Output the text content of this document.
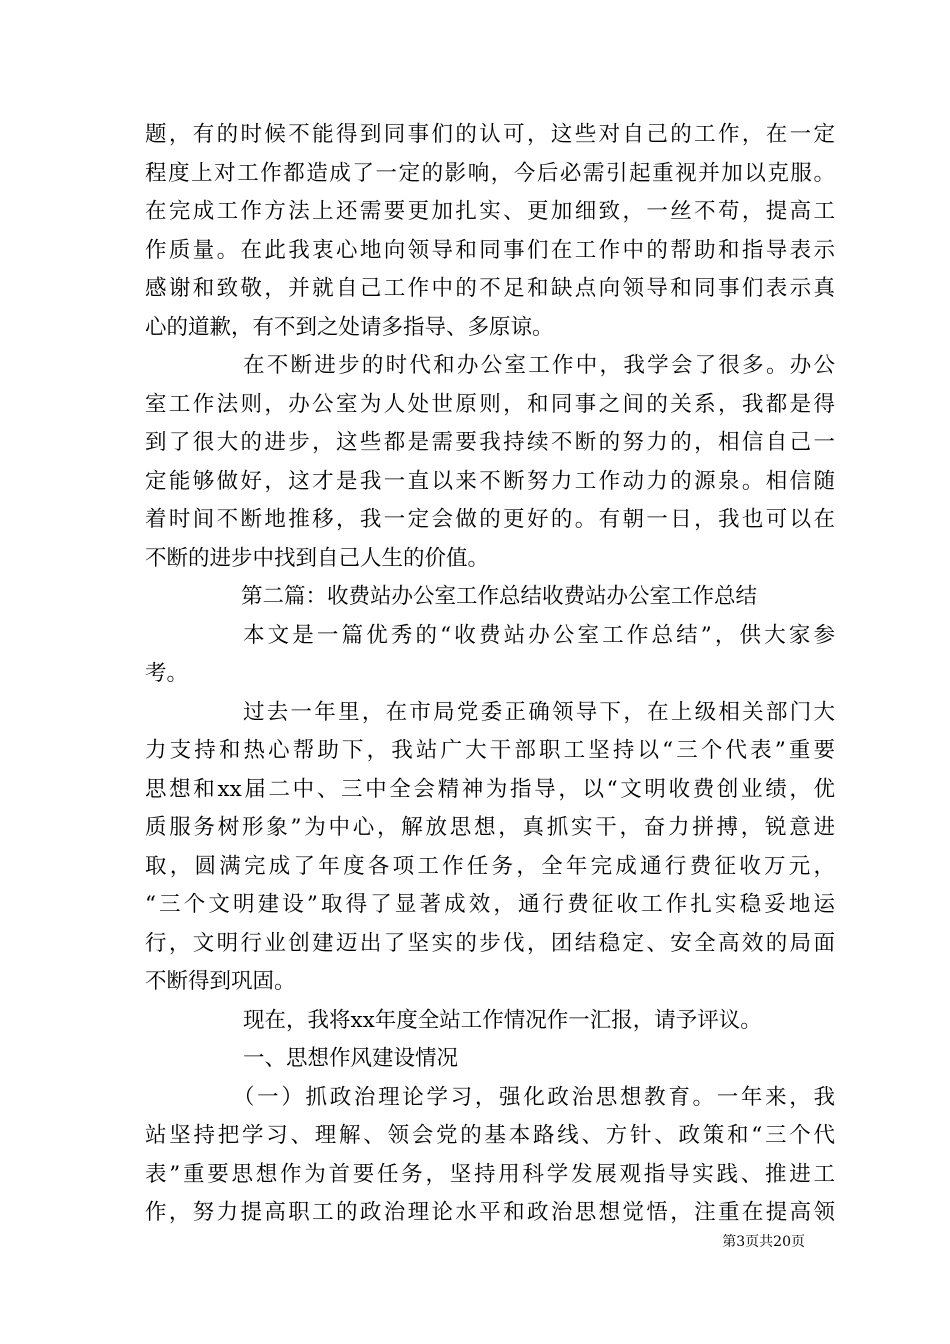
题，有的时候不能得到同事们的认可，这些对自己的工作，在一定
程度上对工作都造成了一定的影响，今后必需引起重视并加以克服。
在完成工作方法上还需要更加扎实、更加细致，一丝不苟，提高工
作质量。在此我衷心地向领导和同事们在工作中的帮助和指导表示
感谢和致敬，并就自己工作中的不足和缺点向领导和同事们表示真
心的道歉，有不到之处请多指导、多原谅。
在不断进步的时代和办公室工作中，我学会了很多。办公
室工作法则，办公室为人处世原则，和同事之间的关系，我都是得
到了很大的进步，这些都是需要我持续不断的努力的，相信自己一
定能够做好，这才是我一直以来不断努力工作动力的源泉。相信随
着时间不断地推移，我一定会做的更好的。有朝一日，我也可以在
不断的进步中找到自己人生的价值。
第二篇：收费站办公室工作总结收费站办公室工作总结
本文是一篇优秀的“收费站办公室工作总结”，供大家参
考。
过去一年里，在市局党委正确领导下，在上级相关部门大
力支持和热心帮助下，我站广大干部职工坚持以“三个代表”重要
思想和xx届二中、三中全会精神为指导，以“文明收费创业绩，优
质服务树形象”为中心，解放思想，真抓实干，奋力拼搏，锐意进
取，圆满完成了年度各项工作任务，全年完成通行费征收万元，
“三个文明建设”取得了显著成效，通行费征收工作扎实稳妥地运
行，文明行业创建迈出了坚实的步伐，团结稳定、安全高效的局面
不断得到巩固。
现在，我将xx年度全站工作情况作一汇报，请予评议。
一、思想作风建设情况
（一）抓政治理论学习，强化政治思想教育。一年来，我
站坚持把学习、理解、领会党的基本路线、方针、政策和“三个代
表”重要思想作为首要任务，坚持用科学发展观指导实践、推进工
作，努力提高职工的政治理论水平和政治思想觉悟，注重在提高领
第3页共20页
